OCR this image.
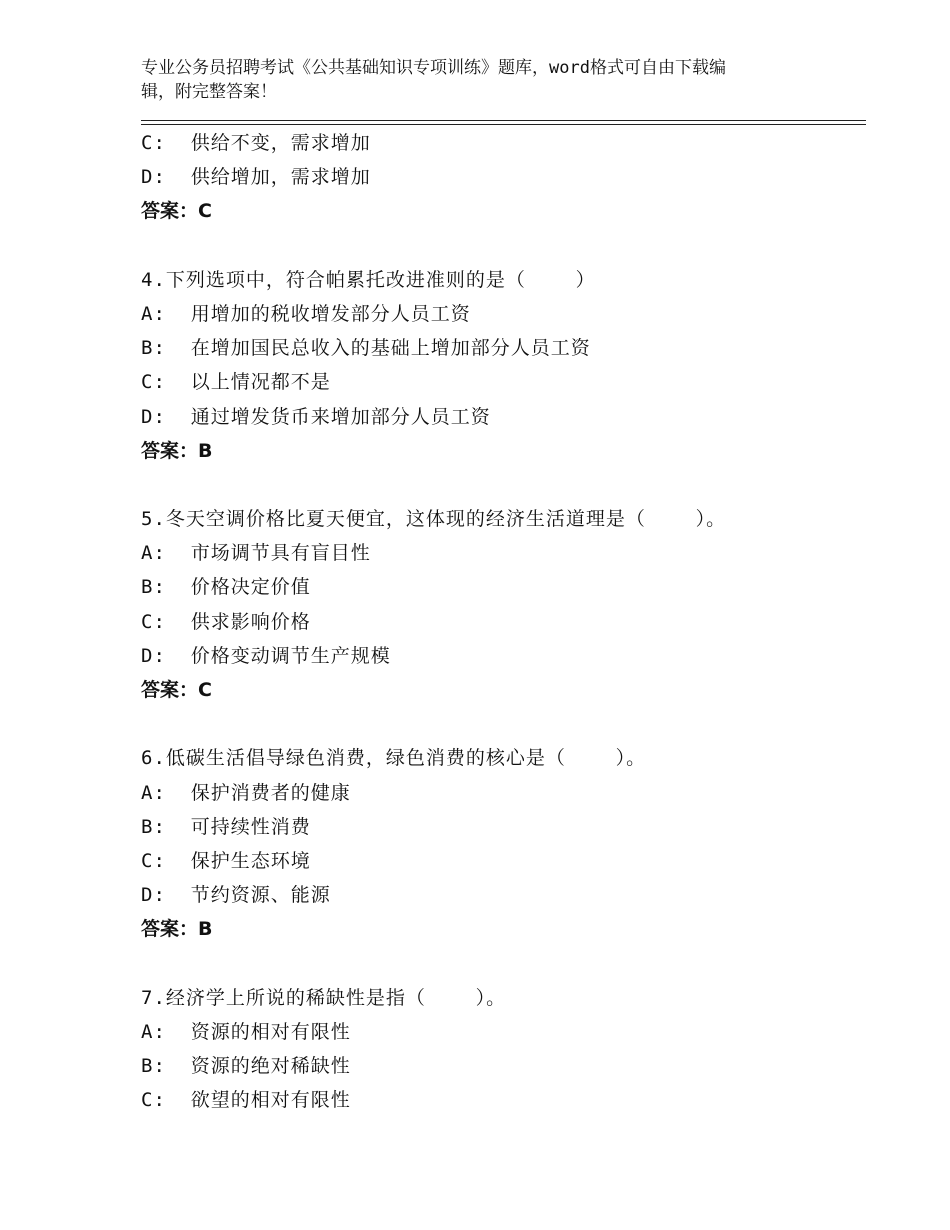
专业公务员招聘考试《公共基础知识专项训练》题库，word格式可自由下载编
辑，附完整答案！
C:  供给不变，需求增加
D:  供给增加，需求增加
答案：C
4.下列选项中，符合帕累托改进准则的是（    ）
A:  用增加的税收增发部分人员工资
B:  在增加国民总收入的基础上增加部分人员工资
C:  以上情况都不是
D:  通过增发货币来增加部分人员工资
答案：B
5.冬天空调价格比夏天便宜，这体现的经济生活道理是（    ）。
A:  市场调节具有盲目性
B:  价格决定价值
C:  供求影响价格
D:  价格变动调节生产规模
答案：C
6.低碳生活倡导绿色消费，绿色消费的核心是（    ）。
A:  保护消费者的健康
B:  可持续性消费
C:  保护生态环境
D:  节约资源、能源
答案：B
7.经济学上所说的稀缺性是指（    ）。
A:  资源的相对有限性
B:  资源的绝对稀缺性
C:  欲望的相对有限性
